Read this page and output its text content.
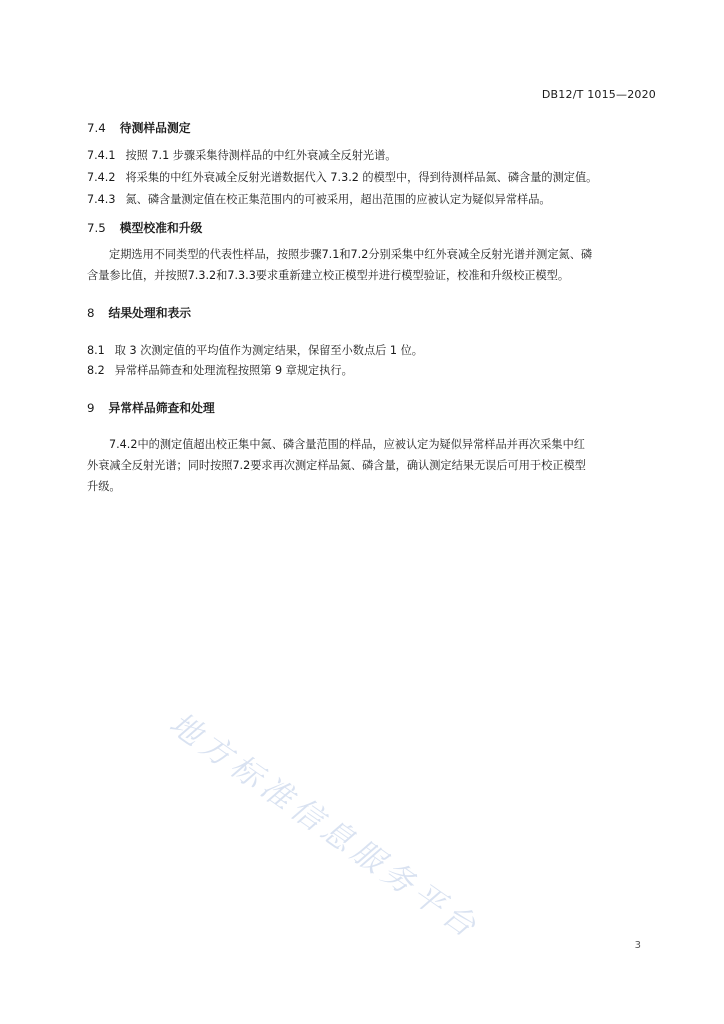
DB12/T 1015—2020
7.4 待测样品测定
7.4.1 按照 7.1 步骤采集待测样品的中红外衰减全反射光谱。
7.4.2 将采集的中红外衰减全反射光谱数据代入 7.3.2 的模型中，得到待测样品氮、磷含量的测定值。
7.4.3 氮、磷含量测定值在校正集范围内的可被采用，超出范围的应被认定为疑似异常样品。
7.5 模型校准和升级
定期选用不同类型的代表性样品，按照步骤7.1和7.2分别采集中红外衰减全反射光谱并测定氮、磷
含量参比值，并按照7.3.2和7.3.3要求重新建立校正模型并进行模型验证，校准和升级校正模型。
8 结果处理和表示
8.1 取 3 次测定值的平均值作为测定结果，保留至小数点后 1 位。
8.2 异常样品筛查和处理流程按照第 9 章规定执行。
9 异常样品筛查和处理
7.4.2中的测定值超出校正集中氮、磷含量范围的样品，应被认定为疑似异常样品并再次采集中红
外衰减全反射光谱；同时按照7.2要求再次测定样品氮、磷含量，确认测定结果无误后可用于校正模型
升级。
地方标准信息服务平台	3
